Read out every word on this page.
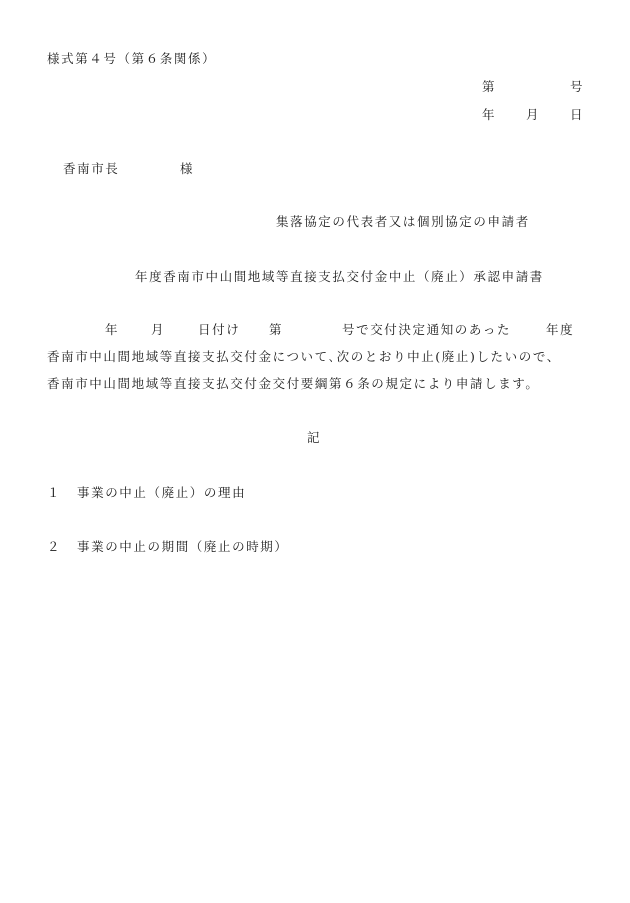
様式第４号（第６条関係）
第	号
年 月 日
香南市長	様
集落協定の代表者又は個別協定の申請者
年度香南市中山間地域等直接支払交付金中止（廃止）承認申請書
年	月	日付け 第	号で交付決定通知のあった	年度
香南市中山間地域等直接支払交付金について､次のとおり中止(廃止)したいので、
香南市中山間地域等直接支払交付金交付要綱第６条の規定により申請します。
記
１ 事業の中止（廃止）の理由
２ 事業の中止の期間（廃止の時期）
